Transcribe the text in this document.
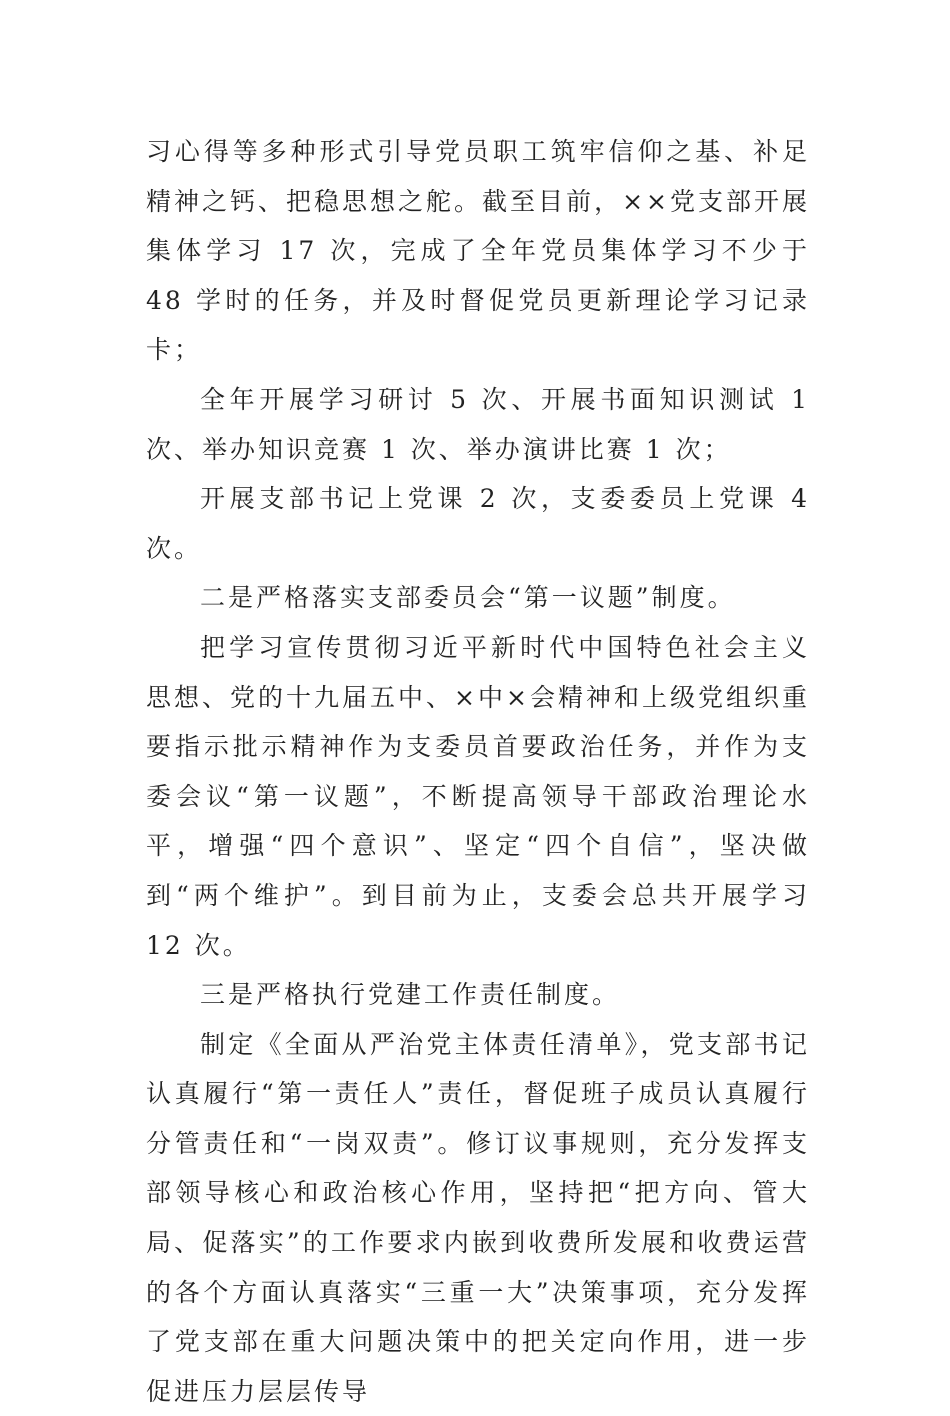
习心得等多种形式引导党员职工筑牢信仰之基、补足精神之钙、把稳思想之舵。截至目前，××党支部开展集体学习 17 次，完成了全年党员集体学习不少于 48 学时的任务，并及时督促党员更新理论学习记录卡；

全年开展学习研讨 5 次、开展书面知识测试 1 次、举办知识竞赛 1 次、举办演讲比赛 1 次；

开展支部书记上党课 2 次，支委委员上党课 4 次。

二是严格落实支部委员会“第一议题”制度。

把学习宣传贯彻习近平新时代中国特色社会主义思想、党的十九届五中、×中×会精神和上级党组织重要指示批示精神作为支委员首要政治任务，并作为支委会议“第一议题”，不断提高领导干部政治理论水平，增强“四个意识”、坚定“四个自信”，坚决做到“两个维护”。到目前为止，支委会总共开展学习 12 次。

三是严格执行党建工作责任制度。

制定《全面从严治党主体责任清单》，党支部书记认真履行“第一责任人”责任，督促班子成员认真履行分管责任和“一岗双责”。修订议事规则，充分发挥支部领导核心和政治核心作用，坚持把“把方向、管大局、促落实”的工作要求内嵌到收费所发展和收费运营的各个方面认真落实“三重一大”决策事项，充分发挥了党支部在重大问题决策中的把关定向作用，进一步促进压力层层传导
